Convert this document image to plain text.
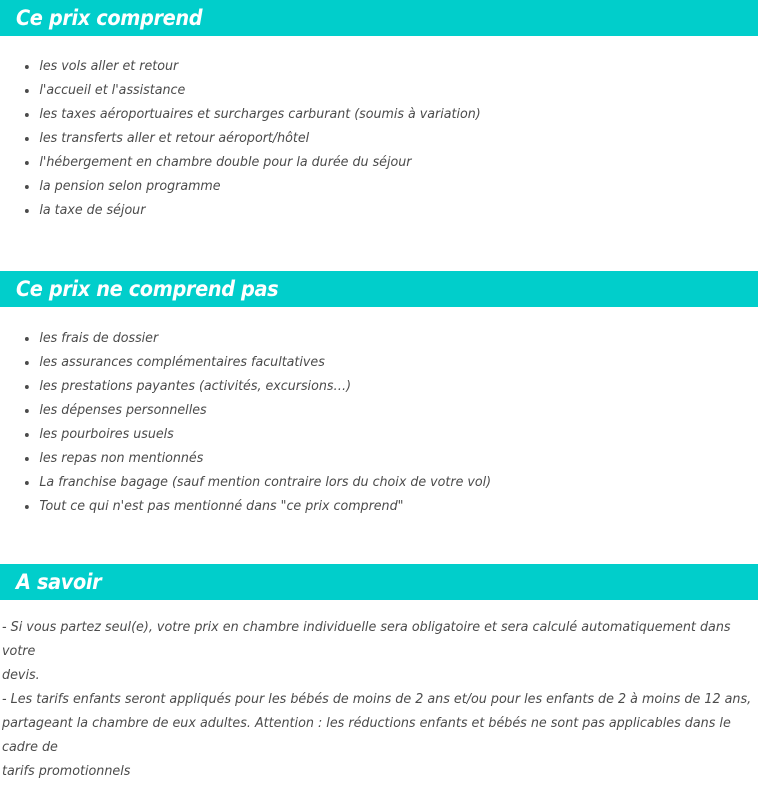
Ce prix comprend
les vols aller et retour
l'accueil et l'assistance
les taxes aéroportuaires et surcharges carburant (soumis à variation)
les transferts aller et retour aéroport/hôtel
l'hébergement en chambre double pour la durée du séjour
la pension selon programme
la taxe de séjour
Ce prix ne comprend pas
les frais de dossier
les assurances complémentaires facultatives
les prestations payantes (activités, excursions…)
les dépenses personnelles
les pourboires usuels
les repas non mentionnés
La franchise bagage (sauf mention contraire lors du choix de votre vol)
Tout ce qui n'est pas mentionné dans "ce prix comprend"
A savoir
- Si vous partez seul(e), votre prix en chambre individuelle sera obligatoire et sera calculé automatiquement dans votre
devis.
- Les tarifs enfants seront appliqués pour les bébés de moins de 2 ans et/ou pour les enfants de 2 à moins de 12 ans,
partageant la chambre de eux adultes. Attention : les réductions enfants et bébés ne sont pas applicables dans le cadre de
tarifs promotionnels
